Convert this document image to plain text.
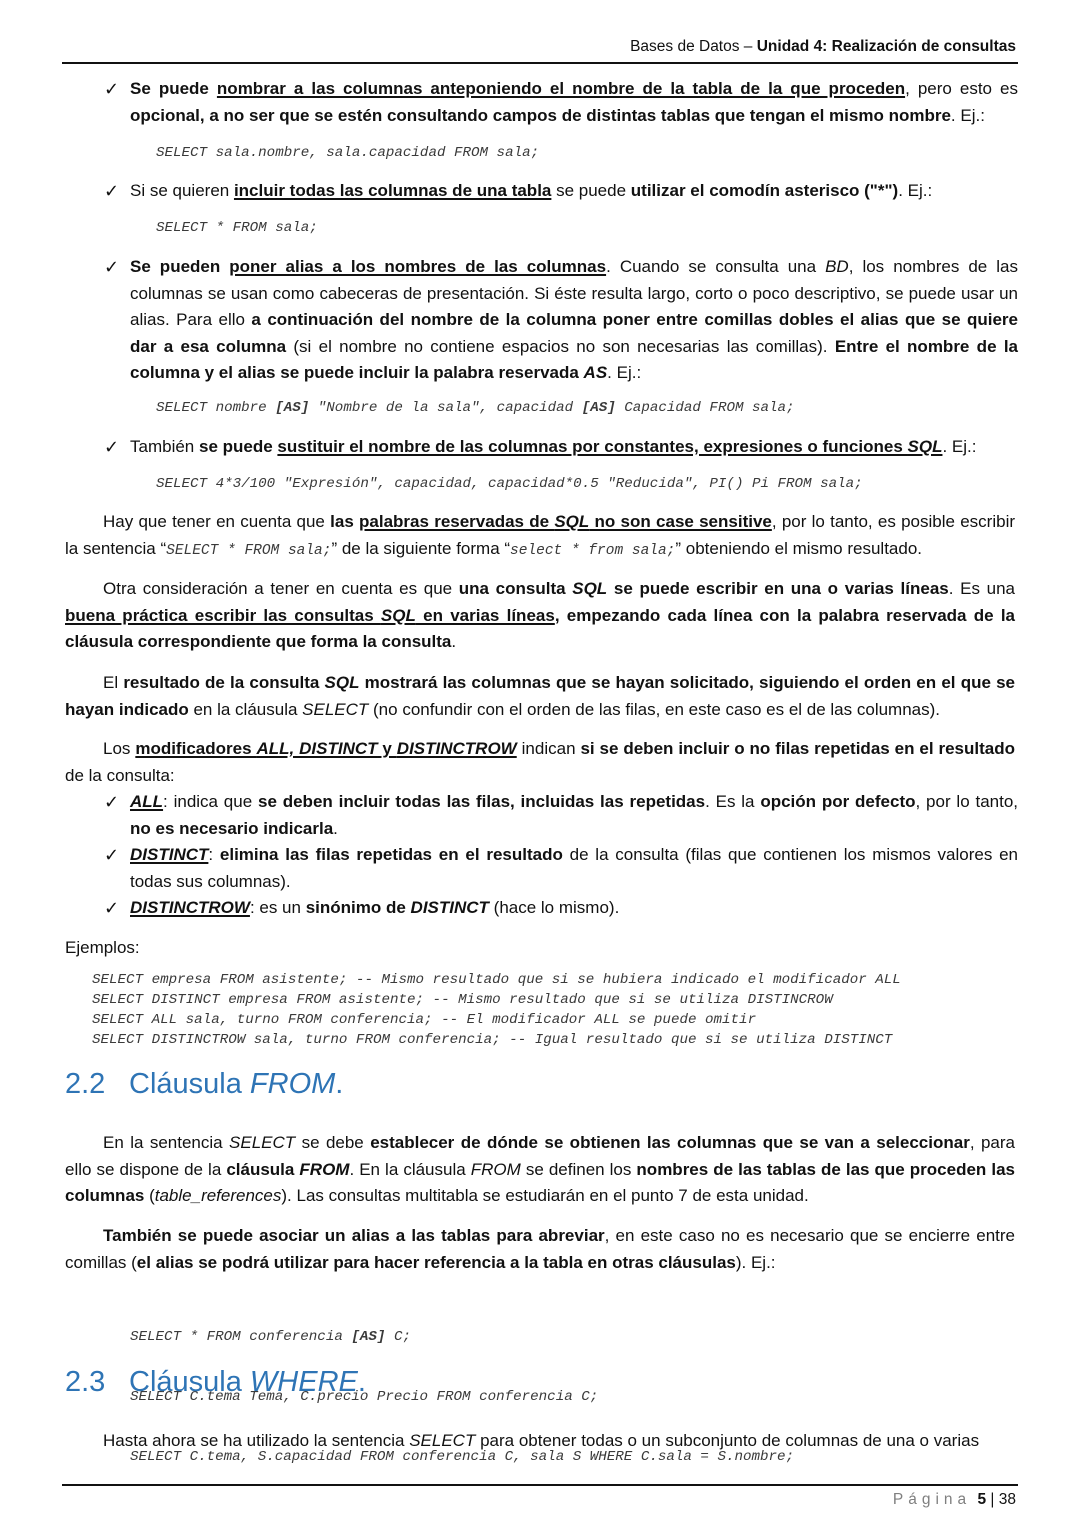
Bases de Datos – Unidad 4: Realización de consultas
✓ Se puede nombrar a las columnas anteponiendo el nombre de la tabla de la que proceden, pero esto es opcional, a no ser que se estén consultando campos de distintas tablas que tengan el mismo nombre. Ej.:
SELECT sala.nombre, sala.capacidad FROM sala;
✓ Si se quieren incluir todas las columnas de una tabla se puede utilizar el comodín asterisco ("*"). Ej.:
SELECT * FROM sala;
✓ Se pueden poner alias a los nombres de las columnas. Cuando se consulta una BD, los nombres de las columnas se usan como cabeceras de presentación. Si éste resulta largo, corto o poco descriptivo, se puede usar un alias. Para ello a continuación del nombre de la columna poner entre comillas dobles el alias que se quiere dar a esa columna (si el nombre no contiene espacios no son necesarias las comillas). Entre el nombre de la columna y el alias se puede incluir la palabra reservada AS. Ej.:
SELECT nombre [AS] "Nombre de la sala", capacidad [AS] Capacidad FROM sala;
✓ También se puede sustituir el nombre de las columnas por constantes, expresiones o funciones SQL. Ej.:
SELECT 4*3/100 "Expresión", capacidad, capacidad*0.5 "Reducida", PI() Pi FROM sala;
Hay que tener en cuenta que las palabras reservadas de SQL no son case sensitive, por lo tanto, es posible escribir la sentencia “SELECT * FROM sala;” de la siguiente forma “select * from sala;” obteniendo el mismo resultado.
Otra consideración a tener en cuenta es que una consulta SQL se puede escribir en una o varias líneas. Es una buena práctica escribir las consultas SQL en varias líneas, empezando cada línea con la palabra reservada de la cláusula correspondiente que forma la consulta.
El resultado de la consulta SQL mostrará las columnas que se hayan solicitado, siguiendo el orden en el que se hayan indicado en la cláusula SELECT (no confundir con el orden de las filas, en este caso es el de las columnas).
Los modificadores ALL, DISTINCT y DISTINCTROW indican si se deben incluir o no filas repetidas en el resultado de la consulta:
✓ ALL: indica que se deben incluir todas las filas, incluidas las repetidas. Es la opción por defecto, por lo tanto, no es necesario indicarla.
✓ DISTINCT: elimina las filas repetidas en el resultado de la consulta (filas que contienen los mismos valores en todas sus columnas).
✓ DISTINCTROW: es un sinónimo de DISTINCT (hace lo mismo).
Ejemplos:
SELECT empresa FROM asistente; -- Mismo resultado que si se hubiera indicado el modificador ALL
SELECT DISTINCT empresa FROM asistente; -- Mismo resultado que si se utiliza DISTINCROW
SELECT ALL sala, turno FROM conferencia; -- El modificador ALL se puede omitir
SELECT DISTINCTROW sala, turno FROM conferencia; -- Igual resultado que si se utiliza DISTINCT
2.2 Cláusula FROM.
En la sentencia SELECT se debe establecer de dónde se obtienen las columnas que se van a seleccionar, para ello se dispone de la cláusula FROM. En la cláusula FROM se definen los nombres de las tablas de las que proceden las columnas (table_references). Las consultas multitabla se estudiarán en el punto 7 de esta unidad.
También se puede asociar un alias a las tablas para abreviar, en este caso no es necesario que se encierre entre comillas (el alias se podrá utilizar para hacer referencia a la tabla en otras cláusulas). Ej.:

SELECT * FROM conferencia [AS] C;

SELECT C.tema Tema, C.precio Precio FROM conferencia C;

SELECT C.tema, S.capacidad FROM conferencia C, sala S WHERE C.sala = S.nombre;

2.3 Cláusula WHERE.
Hasta ahora se ha utilizado la sentencia SELECT para obtener todas o un subconjunto de columnas de una o varias
Página 5 | 38
